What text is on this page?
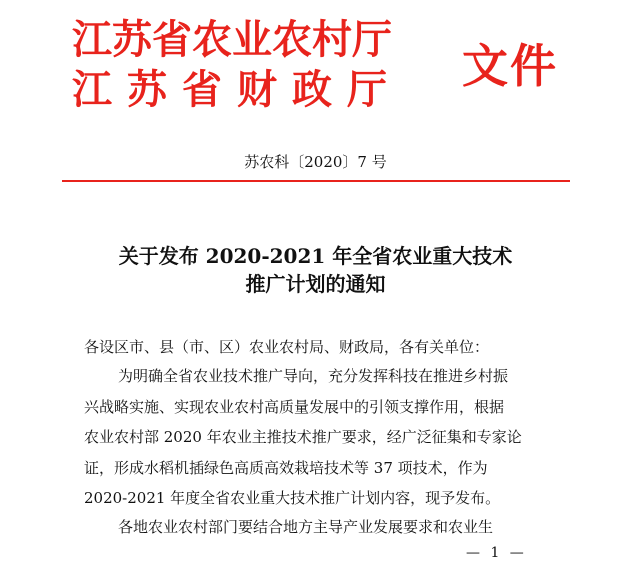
江苏省农业农村厅
江苏省财政厅 文件
苏农科〔2020〕7 号
关于发布 2020-2021 年全省农业重大技术
推广计划的通知
各设区市、县（市、区）农业农村局、财政局，各有关单位：
为明确全省农业技术推广导向，充分发挥科技在推进乡村振
兴战略实施、实现农业农村高质量发展中的引领支撑作用，根据
农业农村部 2020 年农业主推技术推广要求，经广泛征集和专家论
证，形成水稻机插绿色高质高效栽培技术等 37 项技术，作为
2020-2021 年度全省农业重大技术推广计划内容，现予发布。
各地农业农村部门要结合地方主导产业发展要求和农业生
— 1 —
